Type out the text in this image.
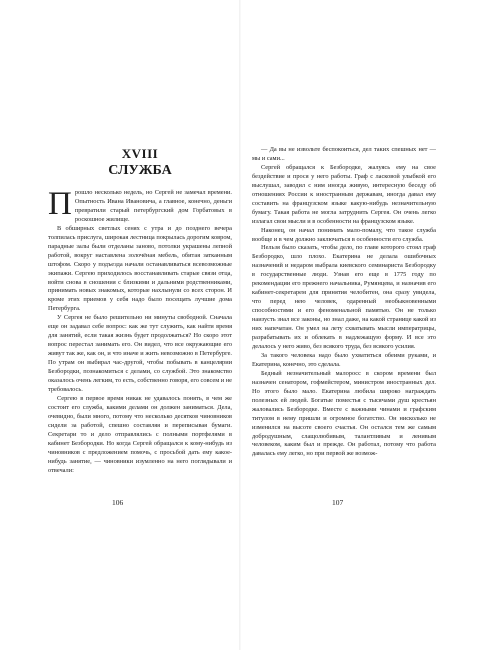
XVIII
СЛУЖБА

Прошло несколько недель, но Сергей не замечал времени. Опытность Ивана Ивановича, а главное, конечно, деньги превратили старый петербургский дом Горбатовых в роскошное жилище.

В обширных светлых сенях с утра и до позднего вечера толпилась прислуга, широкая лестница покрылась дорогим ковром, парадные залы были отделаны заново, потолки украшены лепной работой, вокруг наставлена золочёная мебель, обитая затканным штофом. Скоро у подъезда начали останавливаться всевозможные экипажи. Сергею приходилось восстанавливать старые связи отца, войти снова в сношения с близкими и дальними родственниками, принимать новых знакомых, которые нахлынули со всех сторон. И кроме этих приемов у себя надо было посещать лучшие дома Петербурга.

У Сергея не было решительно ни минуты свободной. Сначала еще он задавал себе вопрос: как же тут служить, как найти время для занятий, если такая жизнь будет продолжаться? Но скоро этот вопрос перестал занимать его. Он видел, что все окружающие его живут так же, как он, и что иначе и жить невозможно в Петербурге. По утрам он выбирал час-другой, чтобы побывать в канцелярии Безбородки, познакомиться с делами, со службой. Это знакомство оказалось очень легким, то есть, собственно говоря, его совсем и не требовалось.

Сергею в первое время никак не удавалось понять, в чем же состоит его служба, какими делами он должен заниматься. Дела, очевидно, были много, потому что несколько десятков чиновников сидели за работой, спешно составляя и переписывая бумаги. Секретари то и дело отправлялись с полными портфелями в кабинет Безбородки. Но когда Сергей обращался к кому-нибудь из чиновников с предложением помочь, с просьбой дать ему какое-нибудь занятие, — чиновники изумленно на него поглядывали и отвечали:

106

— Да вы не извольте беспокоиться, дел таких спешных нет — мы и сами...

Сергей обращался к Безбородке, жалуясь ему на свое бездействие и прося у него работы. Граф с ласковой улыбкой его выслушал, заводил с ним иногда живую, интересную беседу об отношениях России к иностранным державам, иногда давал ему составить на французском языке какую-нибудь незначительную бумагу. Такая работа не могла затруднить Сергея. Он очень легко излагал свои мысли и в особенности на французском языке.

Наконец, он начал понимать мало-помалу, что такое служба вообще и в чем должно заключаться в особенности его служба.

Нельзя было сказать, чтобы дело, по главе которого стоял граф Безбородко, шло плохо. Екатерина не делала ошибочных назначений и недаром выбрала киевского семинариста Безбородку в государственные люди. Узнав его еще в 1775 году по рекомендации его прежнего начальника, Румянцева, и назначив его кабинет-секретарем для принятия челобитен, она сразу увидела, что перед нею человек, одаренный необыкновенными способностями и его феноменальной памятью. Он не только наизусть знал все законы, но знал даже, на какой странице какой из них напечатан. Он умел на лету схватывать мысли императрицы, разрабатывать их и облекать в надлежащую форму. И все это делалось у него живо, без всякого труда, без всякого усилия.

За такого человека надо было ухватиться обеими руками, и Екатерина, конечно, это сделала.

Бедный незначительный малоросс в скором времени был назначен сенатором, гофмейстером, министром иностранных дел. Но этого было мало. Екатерина любила широко награждать полезных ей людей. Богатые поместья с тысячами душ крестьян жаловались Безбородке. Вместе с важными чинами и графским титулом в нему пришли и огромное богатство. Он нисколько не изменился на высоте своего счастья. Он остался тем же самым добродушным, слащолюбивым, талантливым и ленивым человеком, каким был и прежде. Он работал, потому что работа давалась ему легко, но при первой же возмож-

107
